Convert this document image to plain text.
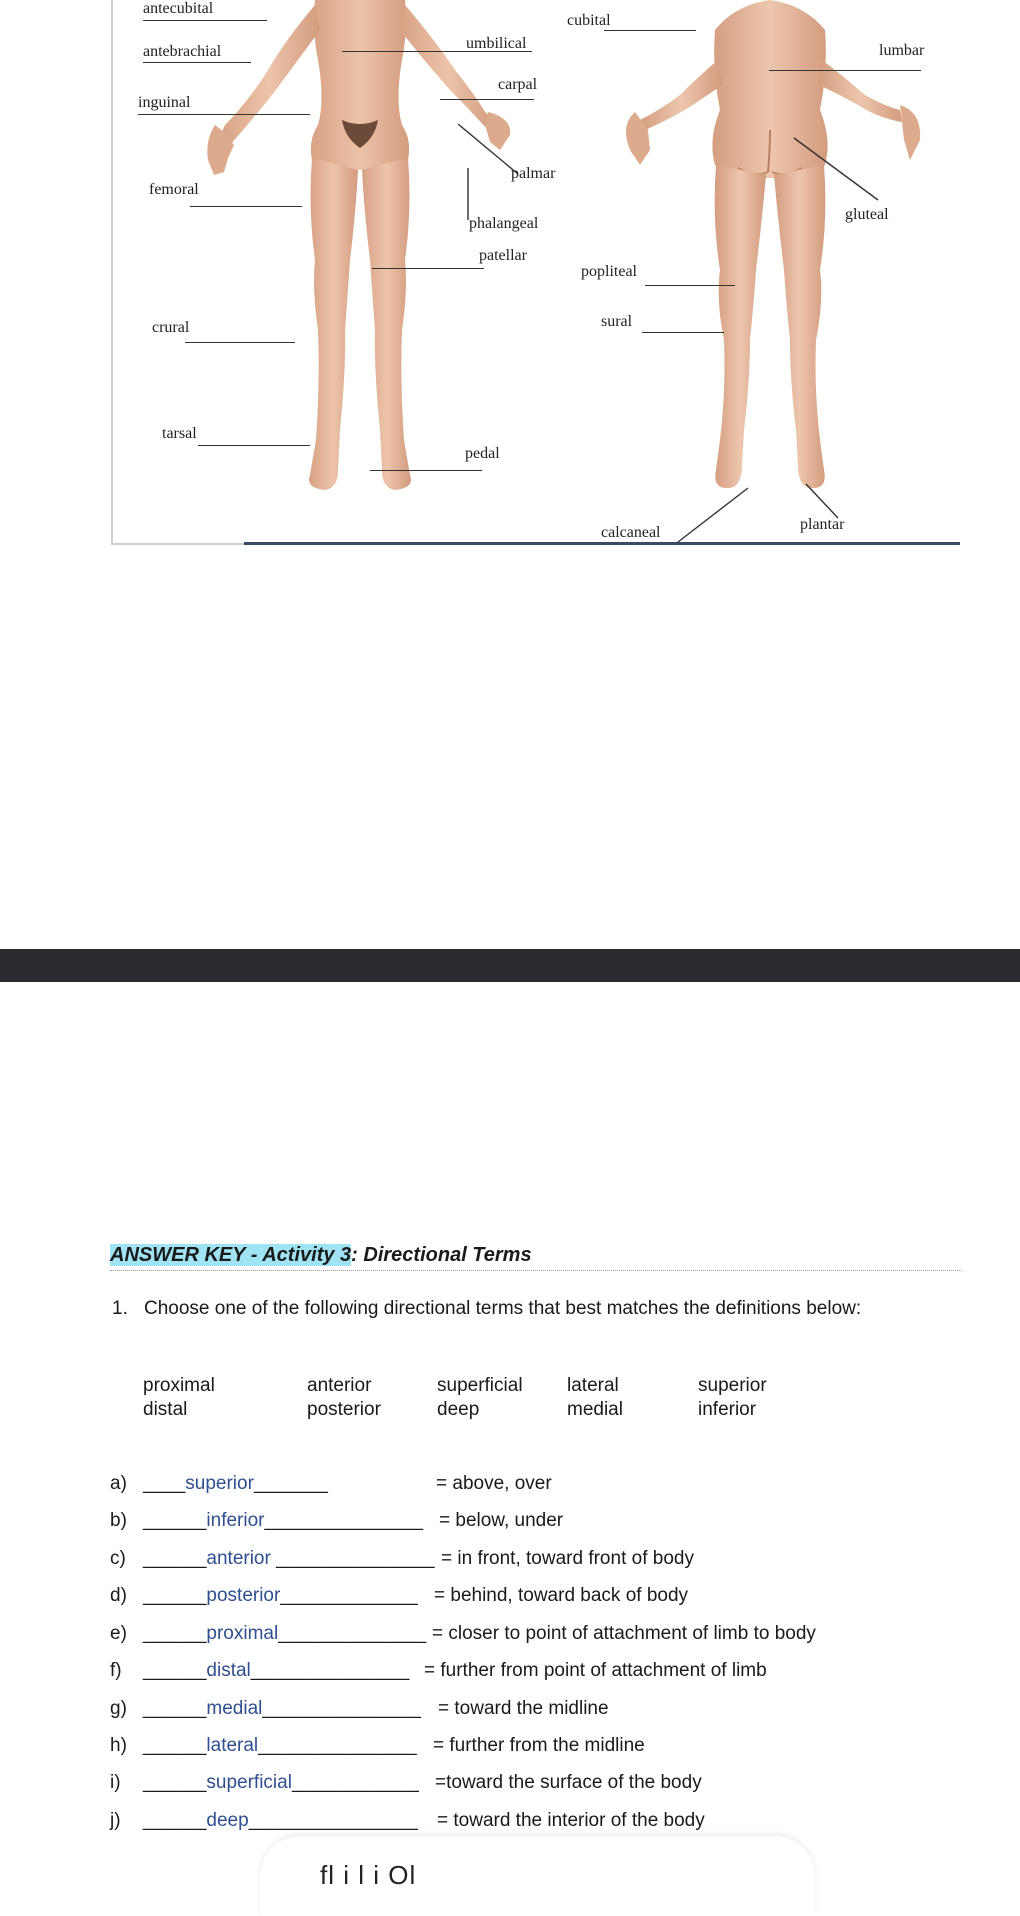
antecubital
antebrachial
inguinal
femoral
crural
tarsal
umbilical
carpal
palmar
phalangeal
patellar
pedal
cubital
lumbar
gluteal
popliteal
sural
calcaneal	plantar
ANSWER KEY - Activity 3: Directional Terms
1. Choose one of the following directional terms that best matches the definitions below:
proximal
distal
anterior
posterior
superficial
deep
lateral
medial
superior
inferior
a) ____superior_______	= above, over
b) ______inferior_______________ = below, under
c) ______anterior _______________ = in front, toward front of body
d) ______posterior_____________ = behind, toward back of body
e) ______proximal______________ = closer to point of attachment of limb to body
f) ______distal_______________ = further from point of attachment of limb
g) ______medial_______________ = toward the midline
h) ______lateral_______________ = further from the midline
i) ______superficial____________ =toward the surface of the body
j) ______deep________________ = toward the interior of the body
fl i l i Ol
